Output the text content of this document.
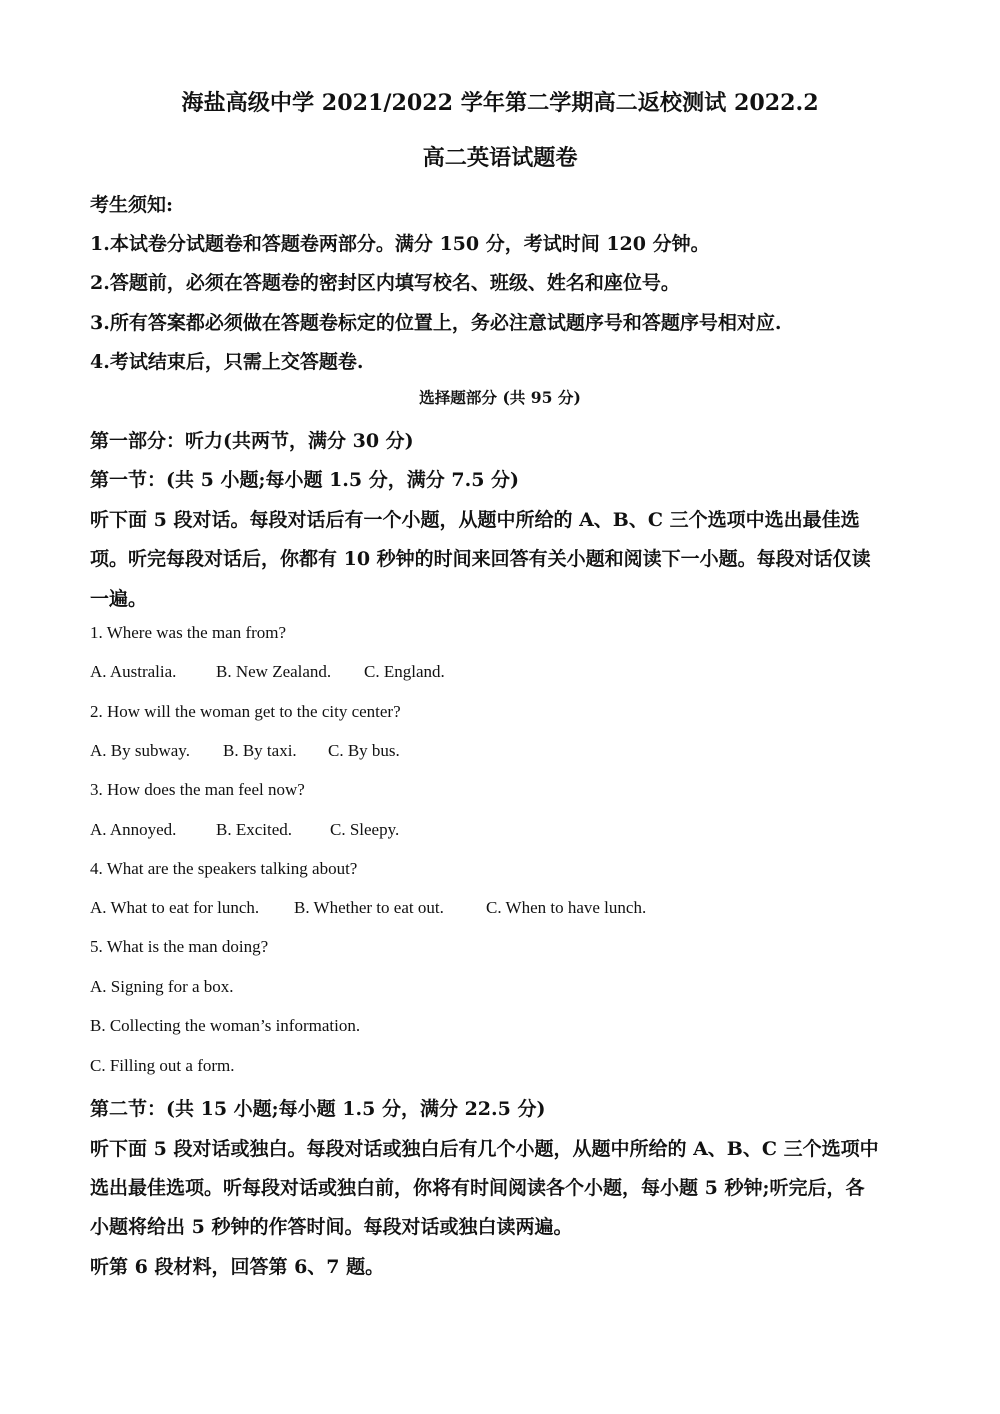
海盐高级中学 2021/2022 学年第二学期高二返校测试 2022.2
高二英语试题卷
考生须知:
1.本试卷分试题卷和答题卷两部分。满分 150 分，考试时间 120 分钟。
2.答题前，必须在答题卷的密封区内填写校名、班级、姓名和座位号。
3.所有答案都必须做在答题卷标定的位置上，务必注意试题序号和答题序号相对应.
4.考试结束后，只需上交答题卷.
选择题部分 (共 95 分)
第一部分：听力(共两节，满分 30 分)
第一节：(共 5 小题;每小题 1.5 分，满分 7.5 分)
听下面 5 段对话。每段对话后有一个小题，从题中所给的 A、B、C 三个选项中选出最佳选
项。听完每段对话后，你都有 10 秒钟的时间来回答有关小题和阅读下一小题。每段对话仅读
一遍。
1. Where was the man from?
A. Australia. B. New Zealand. C. England.
2. How will the woman get to the city center?
A. By subway. B. By taxi. C. By bus.
3. How does the man feel now?
A. Annoyed. B. Excited. C. Sleepy.
4. What are the speakers talking about?
A. What to eat for lunch. B. Whether to eat out. C. When to have lunch.
5. What is the man doing?
A. Signing for a box.
B. Collecting the woman’s information.
C. Filling out a form.
第二节：(共 15 小题;每小题 1.5 分，满分 22.5 分)
听下面 5 段对话或独白。每段对话或独白后有几个小题，从题中所给的 A、B、C 三个选项中
选出最佳选项。听每段对话或独白前，你将有时间阅读各个小题，每小题 5 秒钟;听完后，各
小题将给出 5 秒钟的作答时间。每段对话或独白读两遍。
听第 6 段材料，回答第 6、7 题。
